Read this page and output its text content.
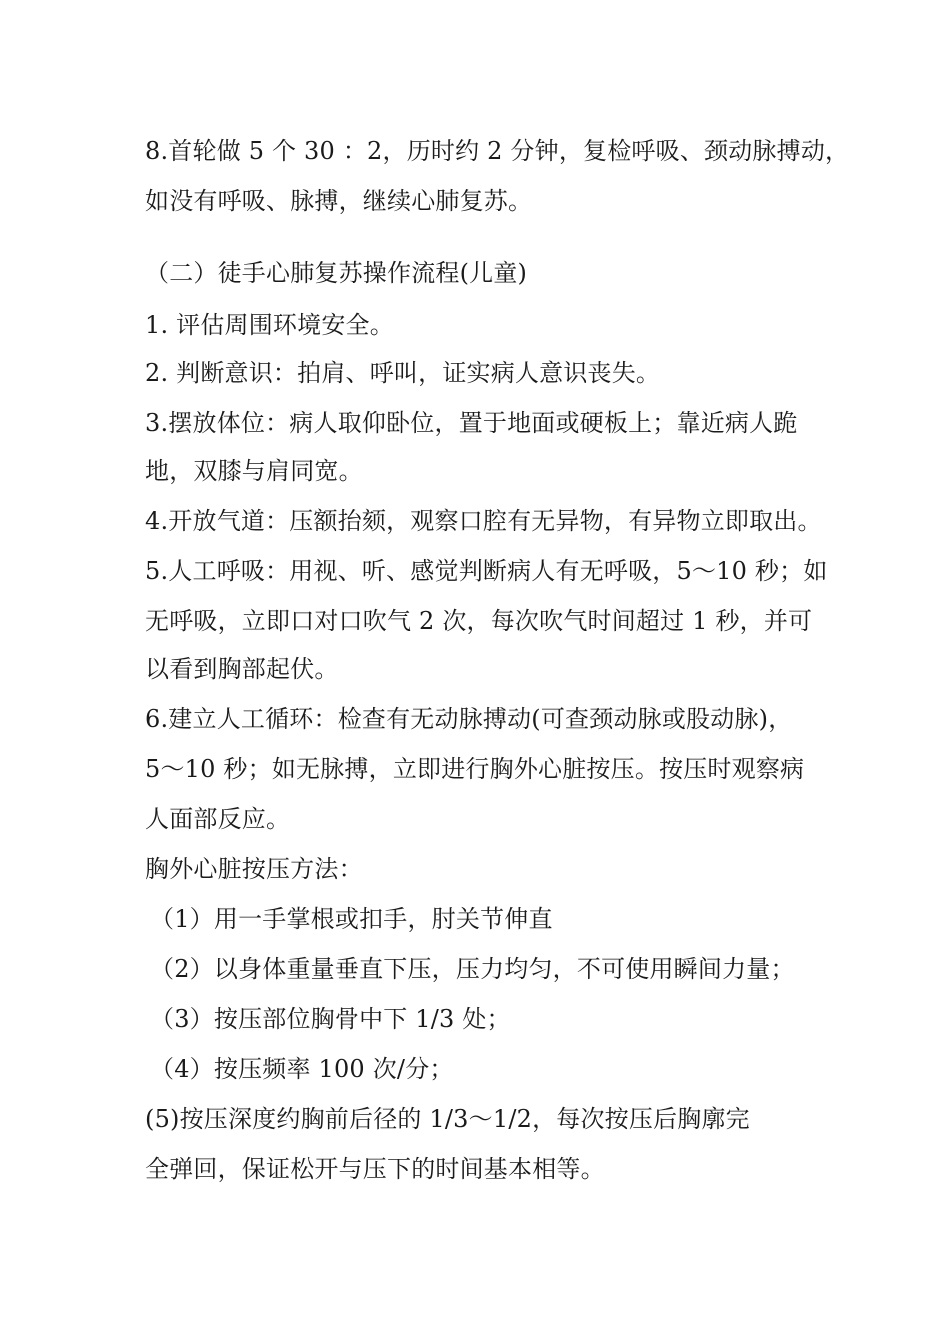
8.首轮做 5 个 30 ：2，历时约 2 分钟，复检呼吸、颈动脉搏动，
如没有呼吸、脉搏，继续心肺复苏。
（二）徒手心肺复苏操作流程(儿童)
1. 评估周围环境安全。
2. 判断意识：拍肩、呼叫，证实病人意识丧失。
3.摆放体位：病人取仰卧位，置于地面或硬板上；靠近病人跪
地，双膝与肩同宽。
4.开放气道：压额抬颏，观察口腔有无异物，有异物立即取出。
5.人工呼吸：用视、听、感觉判断病人有无呼吸，5～10 秒；如
无呼吸，立即口对口吹气 2 次，每次吹气时间超过 1 秒，并可
以看到胸部起伏。
6.建立人工循环：检查有无动脉搏动(可查颈动脉或股动脉)，
5～10 秒；如无脉搏，立即进行胸外心脏按压。按压时观察病
人面部反应。
胸外心脏按压方法：
（1）用一手掌根或扣手，肘关节伸直
（2）以身体重量垂直下压，压力均匀，不可使用瞬间力量；
（3）按压部位胸骨中下 1/3 处；
（4）按压频率 100 次/分；
(5)按压深度约胸前后径的 1/3～1/2，每次按压后胸廓完
全弹回，保证松开与压下的时间基本相等。
